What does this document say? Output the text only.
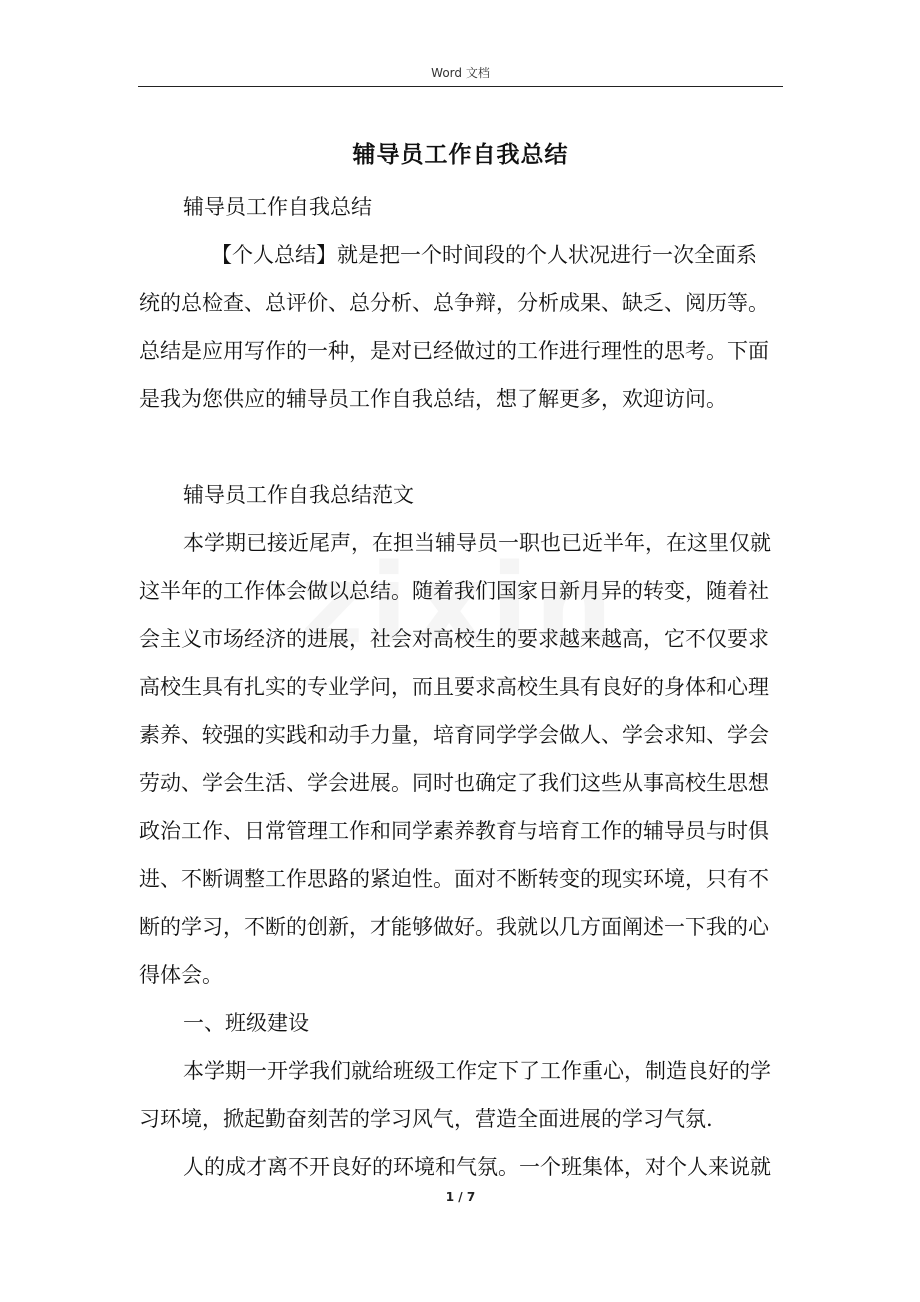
Word 文档
辅导员工作自我总结

辅导员工作自我总结

【个人总结】就是把一个时间段的个人状况进行一次全面系

统的总检查、总评价、总分析、总争辩，分析成果、缺乏、阅历等。

总结是应用写作的一种，是对已经做过的工作进行理性的思考。下面

是我为您供应的辅导员工作自我总结，想了解更多，欢迎访问。

辅导员工作自我总结范文

本学期已接近尾声，在担当辅导员一职也已近半年，在这里仅就

这半年的工作体会做以总结。随着我们国家日新月异的转变，随着社

会主义市场经济的进展，社会对高校生的要求越来越高，它不仅要求

高校生具有扎实的专业学问，而且要求高校生具有良好的身体和心理

素养、较强的实践和动手力量，培育同学学会做人、学会求知、学会

劳动、学会生活、学会进展。同时也确定了我们这些从事高校生思想

政治工作、日常管理工作和同学素养教育与培育工作的辅导员与时俱

进、不断调整工作思路的紧迫性。面对不断转变的现实环境，只有不

断的学习，不断的创新，才能够做好。我就以几方面阐述一下我的心

得体会。

一、班级建设

本学期一开学我们就给班级工作定下了工作重心，制造良好的学

习环境，掀起勤奋刻苦的学习风气，营造全面进展的学习气氛.

人的成才离不开良好的环境和气氛。一个班集体，对个人来说就

1 / 7
